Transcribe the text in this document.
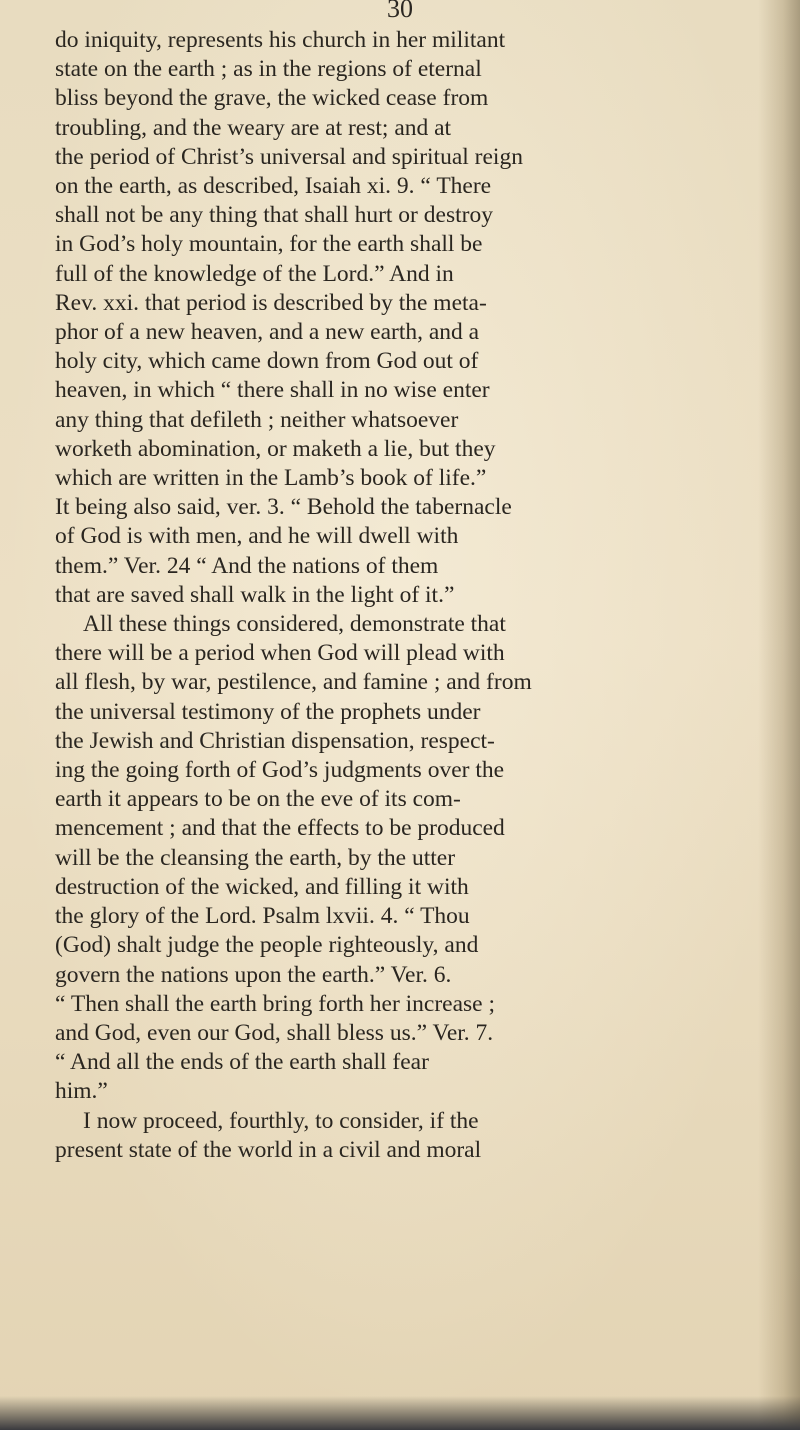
30
do iniquity, represents his church in her militant
state on the earth ; as in the regions of eternal
bliss beyond the grave, the wicked cease from
troubling, and the weary are at rest; and at
the period of Christ’s universal and spiritual reign
on the earth, as described, Isaiah xi. 9. “ There
shall not be any thing that shall hurt or destroy
in God’s holy mountain, for the earth shall be
full of the knowledge of the Lord.” And in
Rev. xxi. that period is described by the meta-
phor of a new heaven, and a new earth, and a
holy city, which came down from God out of
heaven, in which “ there shall in no wise enter
any thing that defileth ; neither whatsoever
worketh abomination, or maketh a lie, but they
which are written in the Lamb’s book of life.”
It being also said, ver. 3. “ Behold the tabernacle
of God is with men, and he will dwell with
them.” Ver. 24 “ And the nations of them
that are saved shall walk in the light of it.”
All these things considered, demonstrate that
there will be a period when God will plead with
all flesh, by war, pestilence, and famine ; and from
the universal testimony of the prophets under
the Jewish and Christian dispensation, respect-
ing the going forth of God’s judgments over the
earth it appears to be on the eve of its com-
mencement ; and that the effects to be produced
will be the cleansing the earth, by the utter
destruction of the wicked, and filling it with
the glory of the Lord. Psalm lxvii. 4. “ Thou
(God) shalt judge the people righteously, and
govern the nations upon the earth.” Ver. 6.
“ Then shall the earth bring forth her increase ;
and God, even our God, shall bless us.” Ver. 7.
“ And all the ends of the earth shall fear
him.”
I now proceed, fourthly, to consider, if the
present state of the world in a civil and moral
